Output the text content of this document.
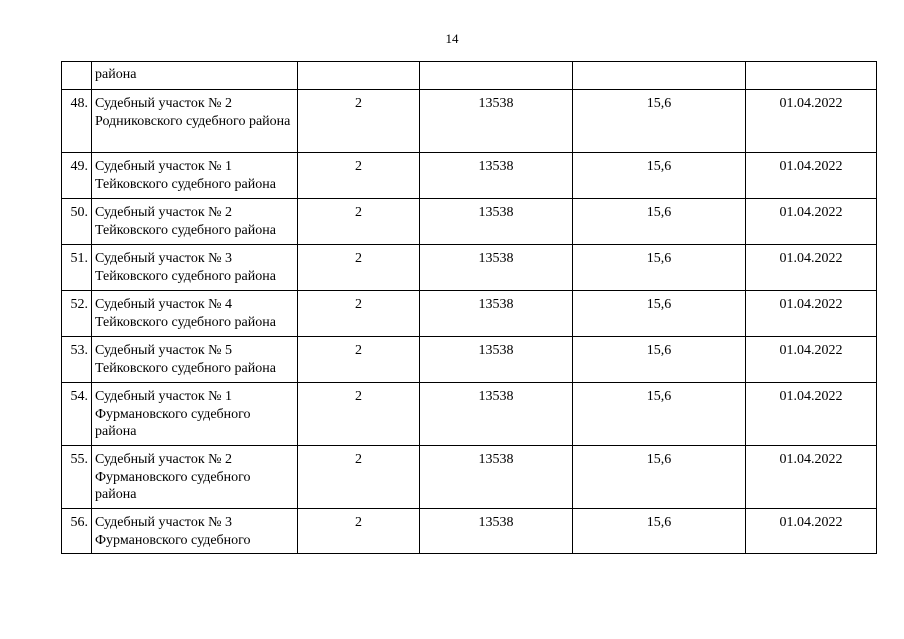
14
	района				
48.	Судебный участок № 2 Родниковского судебного района	2	13538	15,6	01.04.2022
49.	Судебный участок № 1 Тейковского судебного района	2	13538	15,6	01.04.2022
50.	Судебный участок № 2 Тейковского судебного района	2	13538	15,6	01.04.2022
51.	Судебный участок № 3 Тейковского судебного района	2	13538	15,6	01.04.2022
52.	Судебный участок № 4 Тейковского судебного района	2	13538	15,6	01.04.2022
53.	Судебный участок № 5 Тейковского судебного района	2	13538	15,6	01.04.2022
54.	Судебный участок № 1 Фурмановского судебного района	2	13538	15,6	01.04.2022
55.	Судебный участок № 2 Фурмановского судебного района	2	13538	15,6	01.04.2022
56.	Судебный участок № 3 Фурмановского судебного	2	13538	15,6	01.04.2022
